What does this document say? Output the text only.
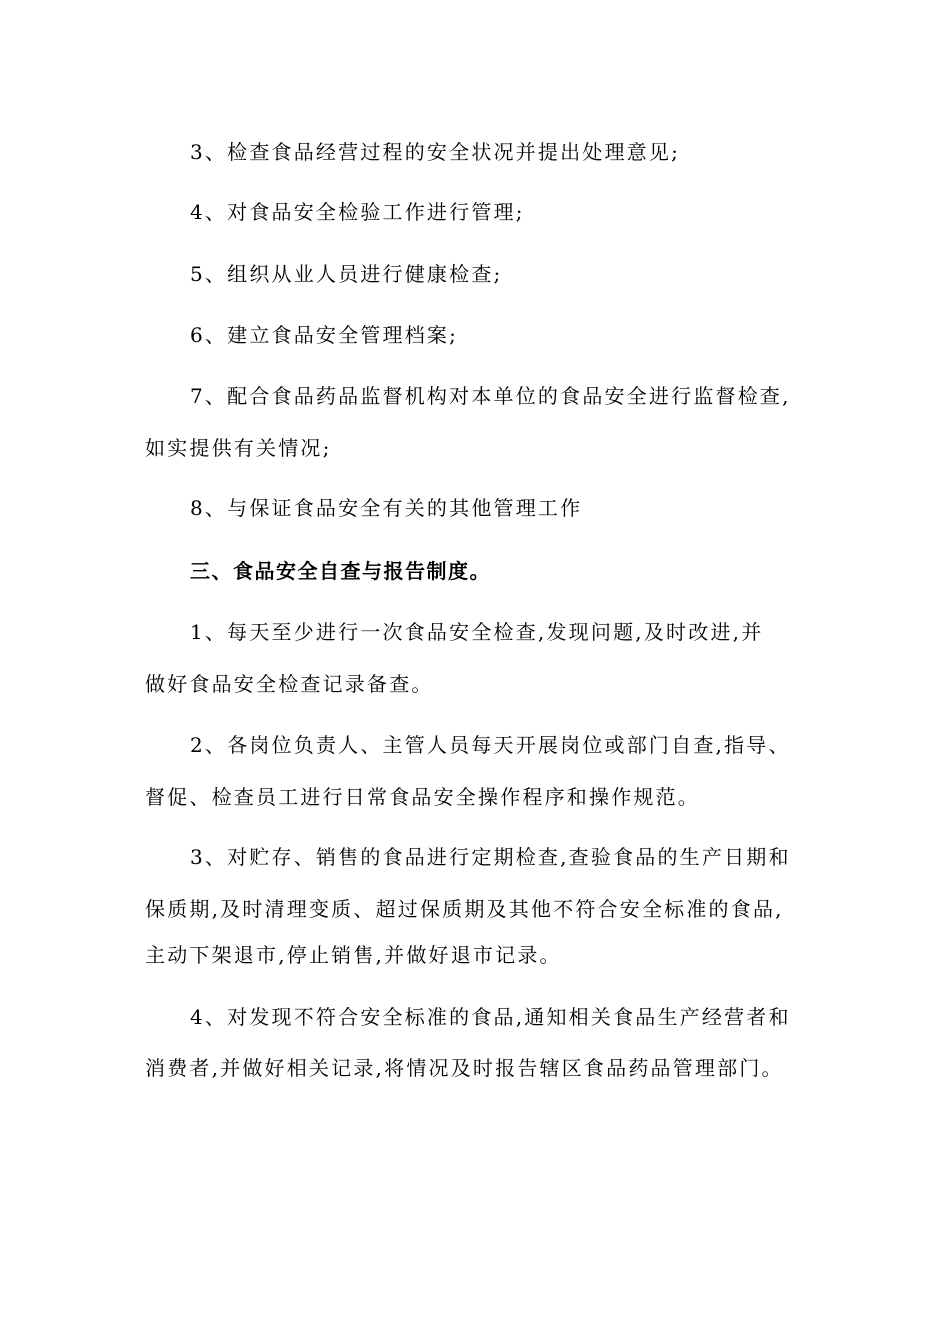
3、检查食品经营过程的安全状况并提出处理意见;
4、对食品安全检验工作进行管理;
5、组织从业人员进行健康检查;
6、建立食品安全管理档案;
7、配合食品药品监督机构对本单位的食品安全进行监督检查,
如实提供有关情况;
8、与保证食品安全有关的其他管理工作
三、食品安全自查与报告制度。
1、每天至少进行一次食品安全检查,发现问题,及时改进,并
做好食品安全检查记录备查。
2、各岗位负责人、主管人员每天开展岗位或部门自查,指导、
督促、检查员工进行日常食品安全操作程序和操作规范。
3、对贮存、销售的食品进行定期检查,查验食品的生产日期和
保质期,及时清理变质、超过保质期及其他不符合安全标准的食品,
主动下架退市,停止销售,并做好退市记录。
4、对发现不符合安全标准的食品,通知相关食品生产经营者和
消费者,并做好相关记录,将情况及时报告辖区食品药品管理部门。
